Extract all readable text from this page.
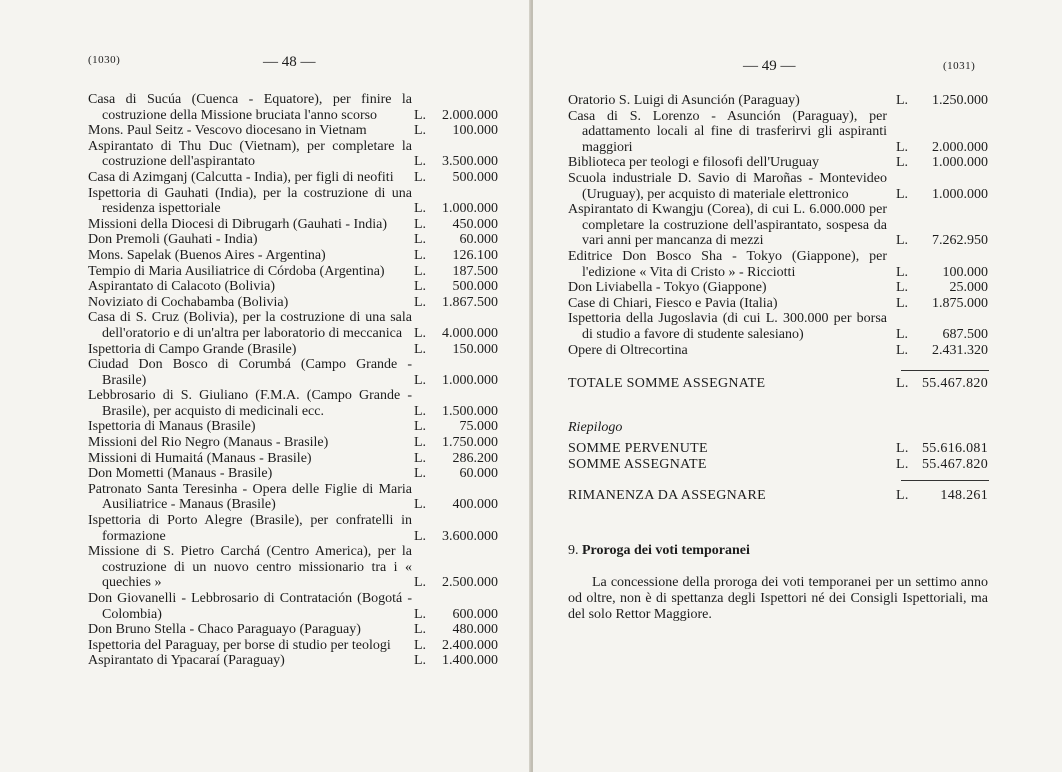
(1030)	— 48 —
Casa di Sucúa (Cuenca - Equatore), per finire la costruzione della Missione bruciata l'anno scorso	L.	2.000.000
Mons. Paul Seitz - Vescovo diocesano in Vietnam	L.	100.000
Aspirantato di Thu Duc (Vietnam), per completare la costruzione dell'aspirantato	L.	3.500.000
Casa di Azimganj (Calcutta - India), per figli di neofiti	L.	500.000
Ispettoria di Gauhati (India), per la costruzione di una residenza ispettoriale	L.	1.000.000
Missioni della Diocesi di Dibrugarh (Gauhati - India)	L.	450.000
Don Premoli (Gauhati - India)	L.	60.000
Mons. Sapelak (Buenos Aires - Argentina)	L.	126.100
Tempio di Maria Ausiliatrice di Córdoba (Argentina)	L.	187.500
Aspirantato di Calacoto (Bolivia)	L.	500.000
Noviziato di Cochabamba (Bolivia)	L.	1.867.500
Casa di S. Cruz (Bolivia), per la costruzione di una sala dell'oratorio e di un'altra per laboratorio di meccanica L.	4.000.000
Ispettoria di Campo Grande (Brasile)	L.	150.000
Ciudad Don Bosco di Corumbá (Campo Grande - Brasile)	L.	1.000.000
Lebbrosario di S. Giuliano (F.M.A. (Campo Grande - Brasile), per acquisto di medicinali ecc.	L.	1.500.000
Ispettoria di Manaus (Brasile)	L.	75.000
Missioni del Rio Negro (Manaus - Brasile)	L.	1.750.000
Missioni di Humaitá (Manaus - Brasile)	L.	286.200
Don Mometti (Manaus - Brasile)	L.	60.000
Patronato Santa Teresinha - Opera delle Figlie di Maria Ausiliatrice - Manaus (Brasile)	L.	400.000
Ispettoria di Porto Alegre (Brasile), per confratelli in formazione	L.	3.600.000
Missione di S. Pietro Carchá (Centro America), per la costruzione di un nuovo centro missionario tra i « quechies »	L.	2.500.000
Don Giovanelli - Lebbrosario di Contratación (Bogotá - Colombia)	L.	600.000
Don Bruno Stella - Chaco Paraguayo (Paraguay)	L.	480.000
Ispettoria del Paraguay, per borse di studio per teologi	L.	2.400.000
Aspirantato di Ypacaraí (Paraguay)	L.	1.400.000
— 49 —	(1031)
Oratorio S. Luigi di Asunción (Paraguay)	L.	1.250.000
Casa di S. Lorenzo - Asunción (Paraguay), per adattamento locali al fine di trasferirvi gli aspiranti maggiori	L.	2.000.000
Biblioteca per teologi e filosofi dell'Uruguay	L.	1.000.000
Scuola industriale D. Savio di Maroñas - Montevideo (Uruguay), per acquisto di materiale elettronico	L.	1.000.000
Aspirantato di Kwangju (Corea), di cui L. 6.000.000 per completare la costruzione dell'aspirantato, sospesa da vari anni per mancanza di mezzi	L.	7.262.950
Editrice Don Bosco Sha - Tokyo (Giappone), per l'edizione « Vita di Cristo » - Ricciotti	L.	100.000
Don Liviabella - Tokyo (Giappone)	L.	25.000
Case di Chiari, Fiesco e Pavia (Italia)	L.	1.875.000
Ispettoria della Jugoslavia (di cui L. 300.000 per borsa di studio a favore di studente salesiano)	L.	687.500
Opere di Oltrecortina	L.	2.431.320
TOTALE SOMME ASSEGNATE	L. 55.467.820
Riepilogo
SOMME PERVENUTE	L. 55.616.081
SOMME ASSEGNATE	L. 55.467.820
RIMANENZA DA ASSEGNARE	L.	148.261
9. Proroga dei voti temporanei
La concessione della proroga dei voti temporanei per un settimo anno od oltre, non è di spettanza degli Ispettori né dei Consigli Ispettoriali, ma del solo Rettor Maggiore.
